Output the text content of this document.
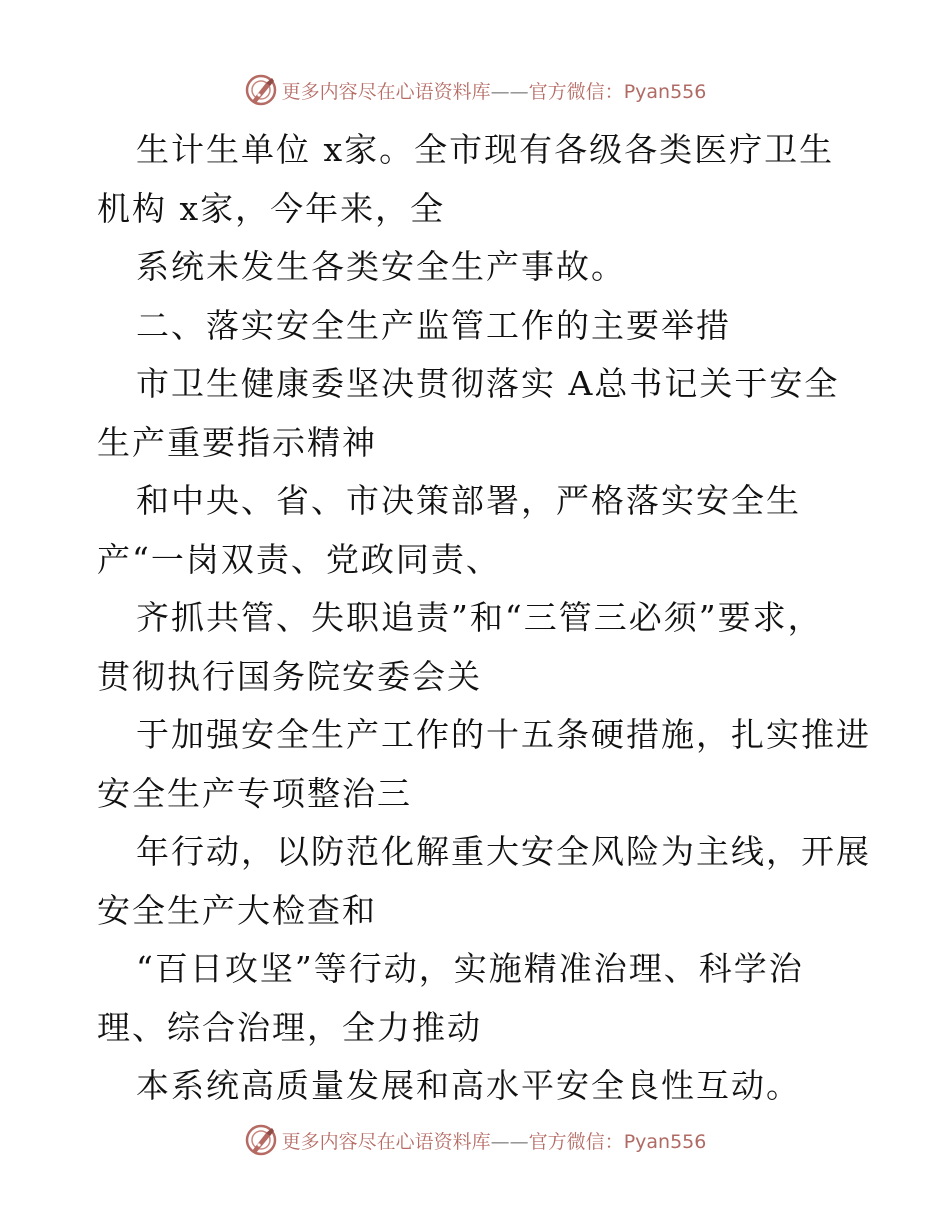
更多内容尽在心语资料库——官方微信：Pyan556
生计生单位 x家。全市现有各级各类医疗卫生
机构 x家，今年来，全
系统未发生各类安全生产事故。
二、落实安全生产监管工作的主要举措
市卫生健康委坚决贯彻落实 A总书记关于安全
生产重要指示精神
和中央、省、市决策部署，严格落实安全生
产“一岗双责、党政同责、
齐抓共管、失职追责”和“三管三必须”要求，
贯彻执行国务院安委会关
于加强安全生产工作的十五条硬措施，扎实推进
安全生产专项整治三
年行动，以防范化解重大安全风险为主线，开展
安全生产大检查和
“百日攻坚”等行动，实施精准治理、科学治
理、综合治理，全力推动
本系统高质量发展和高水平安全良性互动。
更多内容尽在心语资料库——官方微信：Pyan556
